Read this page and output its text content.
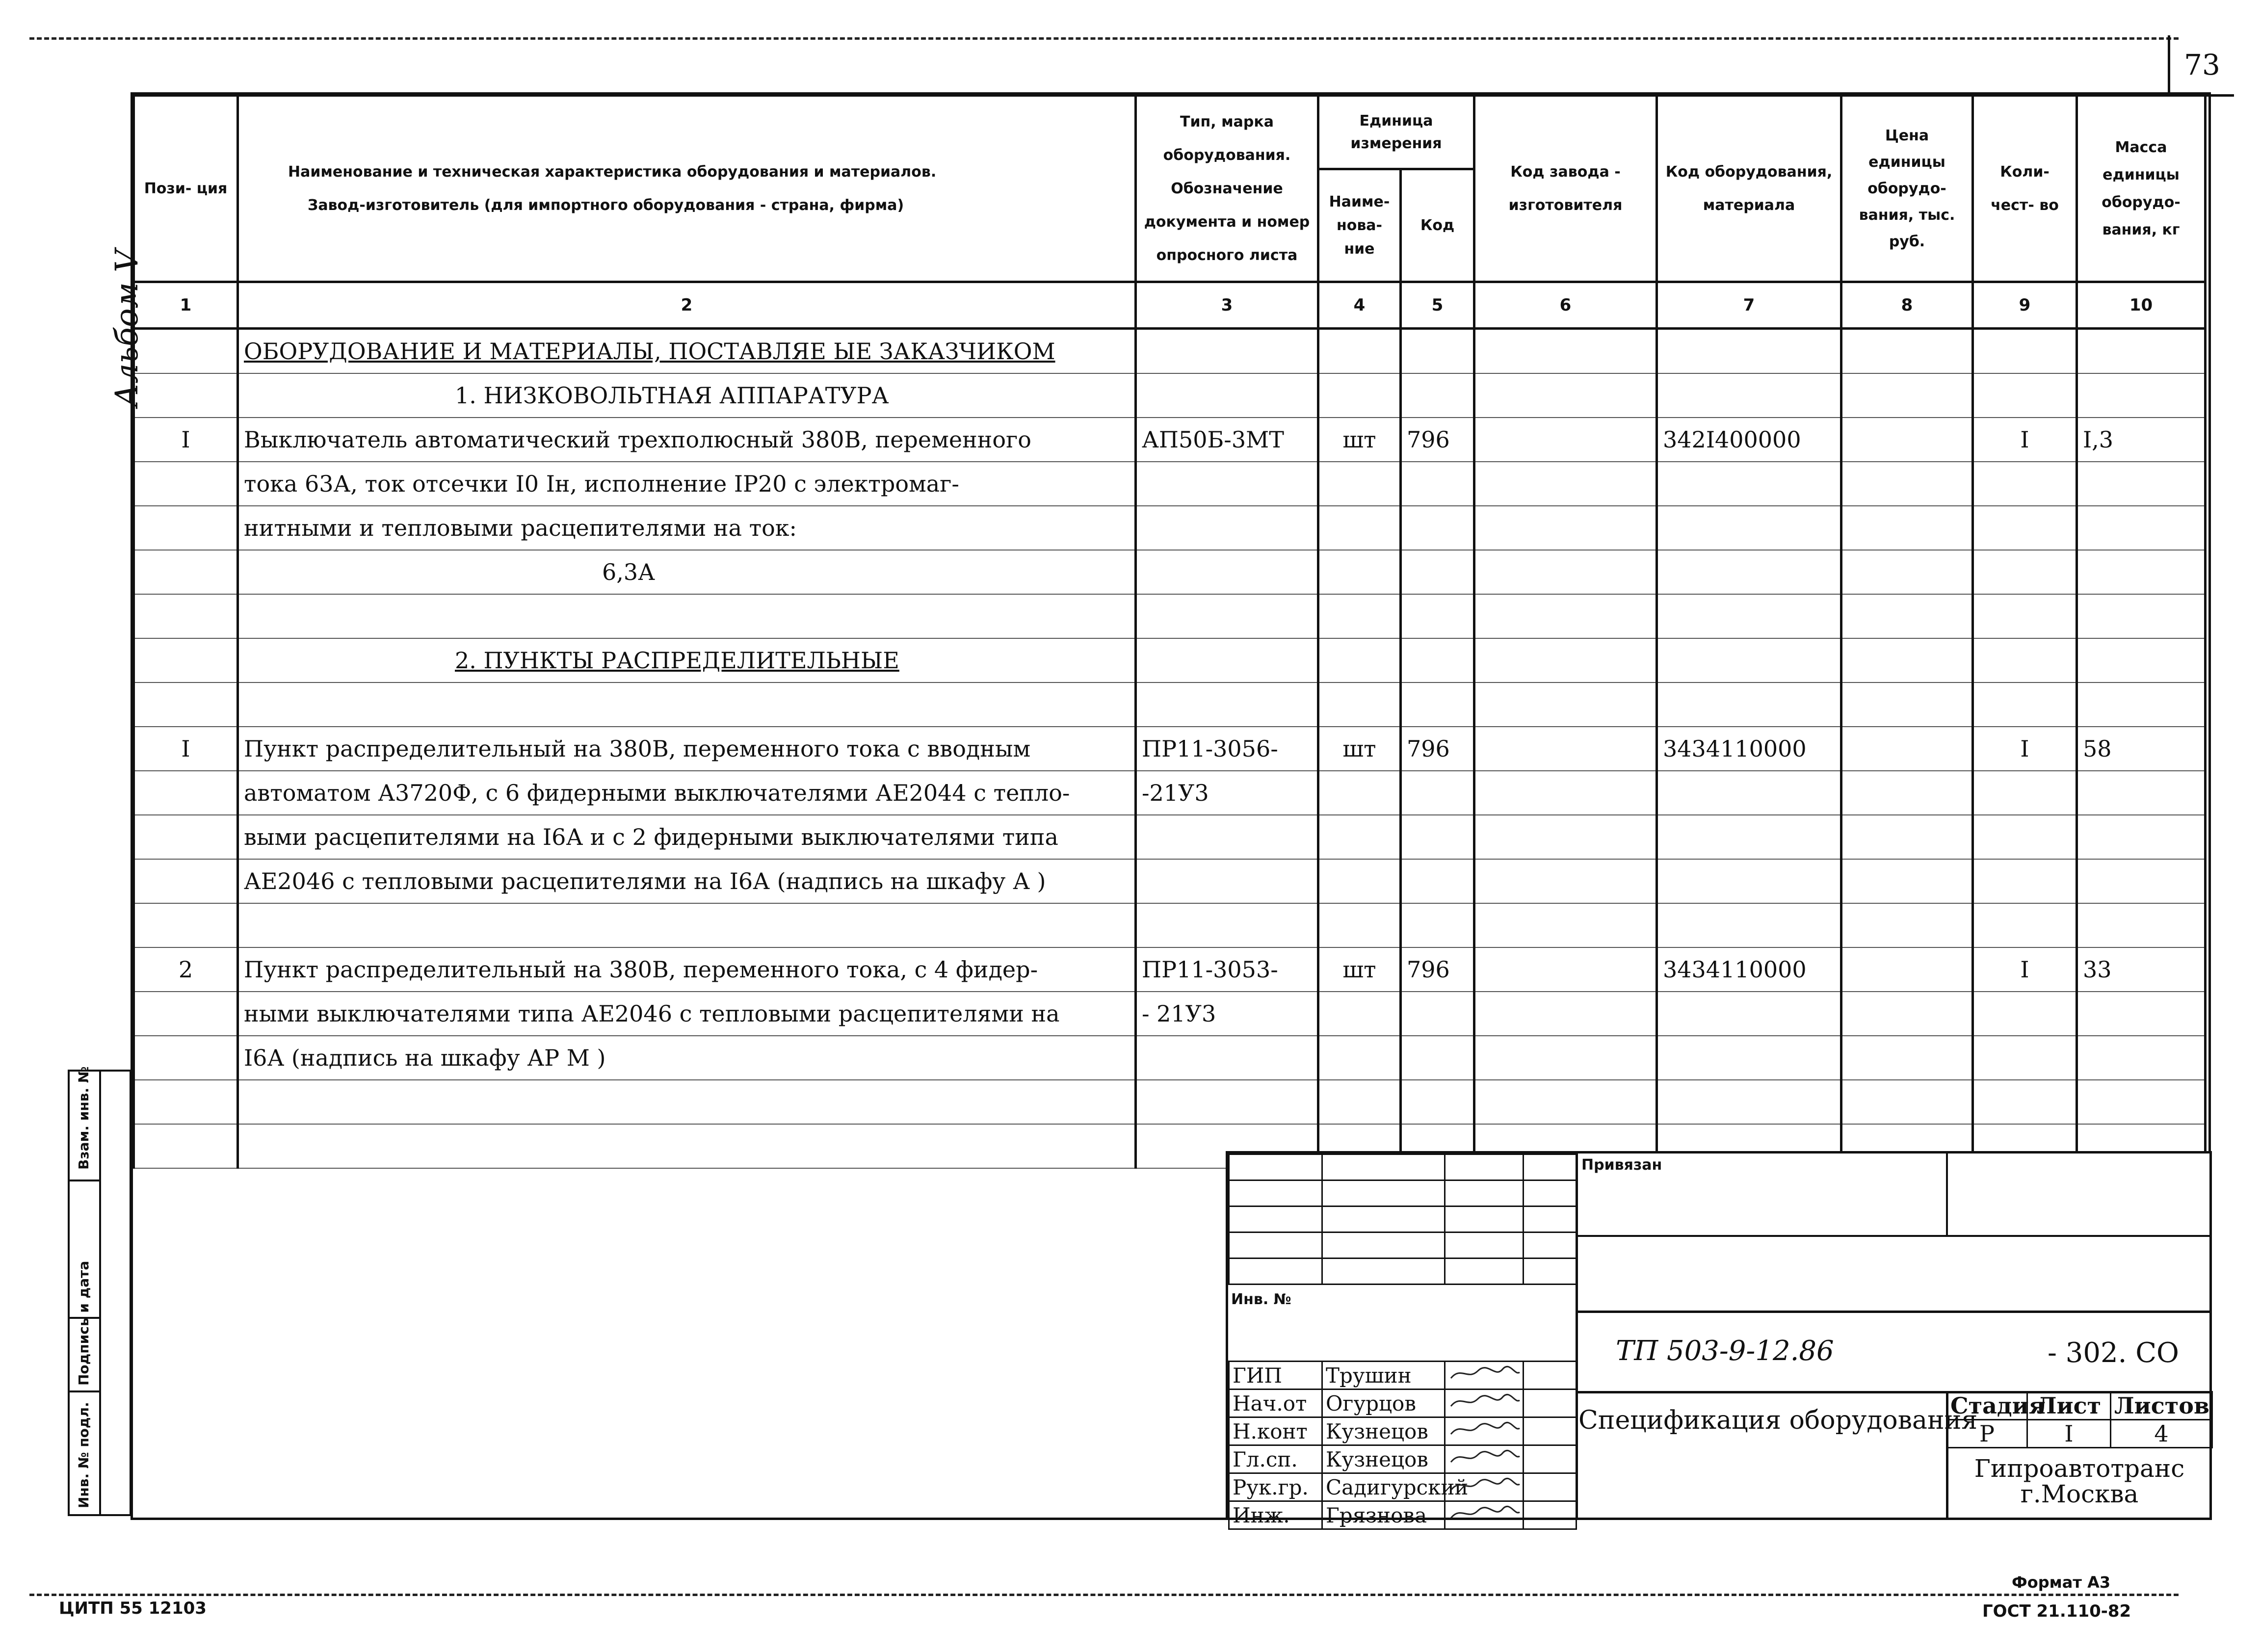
73
Альбом V
Инв. № подл.
Подпись и дата
Взам. инв. №
Пози- ция	Наименование и техническая характеристика оборудования и материалов.
Завод-изготовитель (для импортного оборудования - страна, фирма)	Тип, марка оборудования. Обозначение документа и номер опросного листа	Единица измерения		Код завода - изготовителя	Код оборудования, материала	Цена единицы оборудо- вания, тыс. руб.	Коли- чест- во	Масса единицы оборудо- вания, кг
			Наиме- нова- ние	Код					
1	2	3	4	5	6	7	8	9	10
	ОБОРУДОВАНИЕ И МАТЕРИАЛЫ, ПОСТАВЛЯЕ ЫЕ ЗАКАЗЧИКОМ								
	1. НИЗКОВОЛЬТНАЯ АППАРАТУРА								
I	Выключатель автоматический трехполюсный 380В, переменного	АП50Б-3МТ	шт	796		342I400000		I	I,3
	тока 63А, ток отсечки I0 Iн, исполнение IP20 с электромаг-								
	нитными и тепловыми расцепителями на ток:								
	6,3А								

	2. ПУНКТЫ РАСПРЕДЕЛИТЕЛЬНЫЕ								

I	Пункт распределительный на 380В, переменного тока с вводным	ПР11-3056-	шт	796		3434110000		I	58
	автоматом А3720Ф, с 6 фидерными выключателями АЕ2044 с тепло-	-21У3							
	выми расцепителями на I6А и с 2 фидерными выключателями типа								
	АЕ2046 с тепловыми расцепителями на I6А (надпись на шкафу А )								

2	Пункт распределительный на 380В, переменного тока, с 4 фидер-	ПР11-3053-	шт	796		3434110000		I	33
	ными выключателями типа АЕ2046 с тепловыми расцепителями на	- 21У3							
	I6А (надпись на шкафу АР М )								

Инв. №
ГИП	Трушин		
Нач.от	Огурцов		
Н.конт	Кузнецов		
Гл.сп.	Кузнецов		
Рук.гр.	Садигурский		
Инж.	Грязнова		
Привязан
ТП 503-9-12.86	- 302. СО
Спецификация оборудования
Стадия	Лист	Листов
Р	I	4
Гипроавтотранс
г.Москва
ЦИТП 55 12103
Формат А3
ГОСТ 21.110-82
